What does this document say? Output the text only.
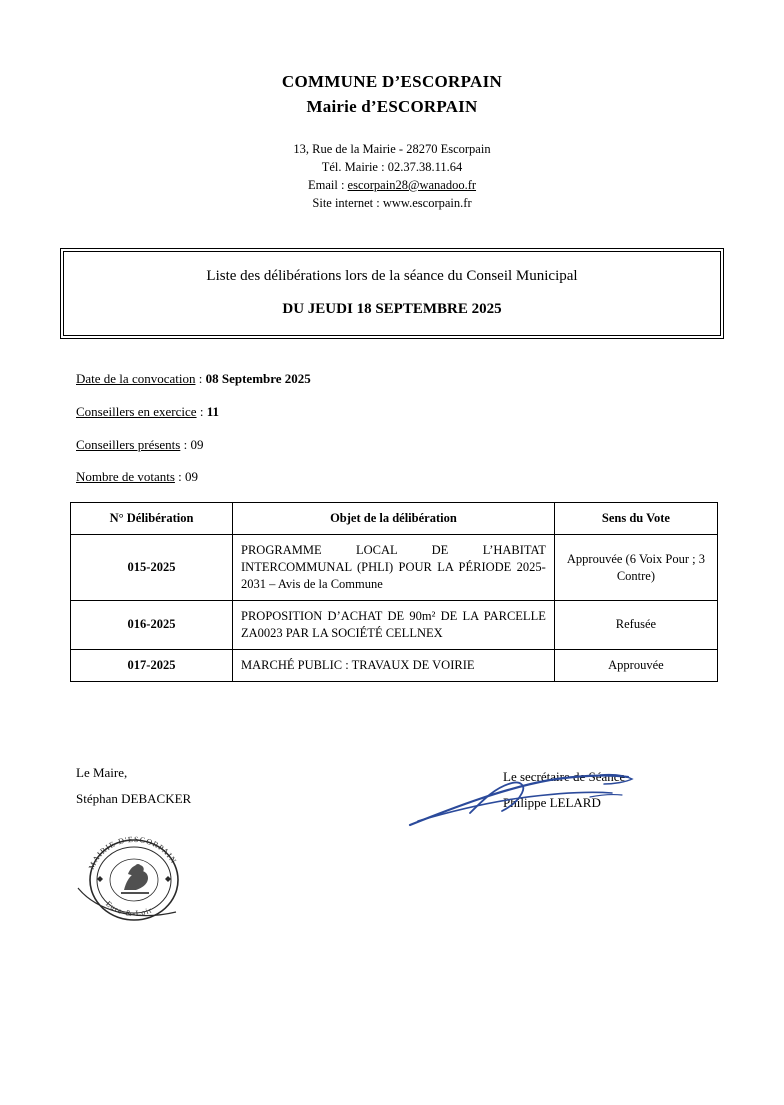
COMMUNE D’ESCORPAIN
Mairie d’ESCORPAIN
13, Rue de la Mairie - 28270 Escorpain
Tél. Mairie : 02.37.38.11.64
Email : escorpain28@wanadoo.fr
Site internet : www.escorpain.fr
Liste des délibérations lors de la séance du Conseil Municipal
DU JEUDI 18 SEPTEMBRE 2025
Date de la convocation : 08 Septembre 2025
Conseillers en exercice : 11
Conseillers présents : 09
Nombre de votants : 09
N° Délibération	Objet de la délibération	Sens du Vote
015-2025	PROGRAMME LOCAL DE L’HABITAT INTERCOMMUNAL (PHLI) POUR LA PÉRIODE 2025-2031 – Avis de la Commune	Approuvée (6 Voix Pour ; 3 Contre)
016-2025	PROPOSITION D’ACHAT DE 90m² DE LA PARCELLE ZA0023 PAR LA SOCIÉTÉ CELLNEX	Refusée
017-2025	MARCHÉ PUBLIC : TRAVAUX DE VOIRIE	Approuvée
Le Maire,
Stéphan DEBACKER
Le secrétaire de Séance
Philippe LELARD
MAIRIE D'ESCORPAIN
Eure-&-Loir
